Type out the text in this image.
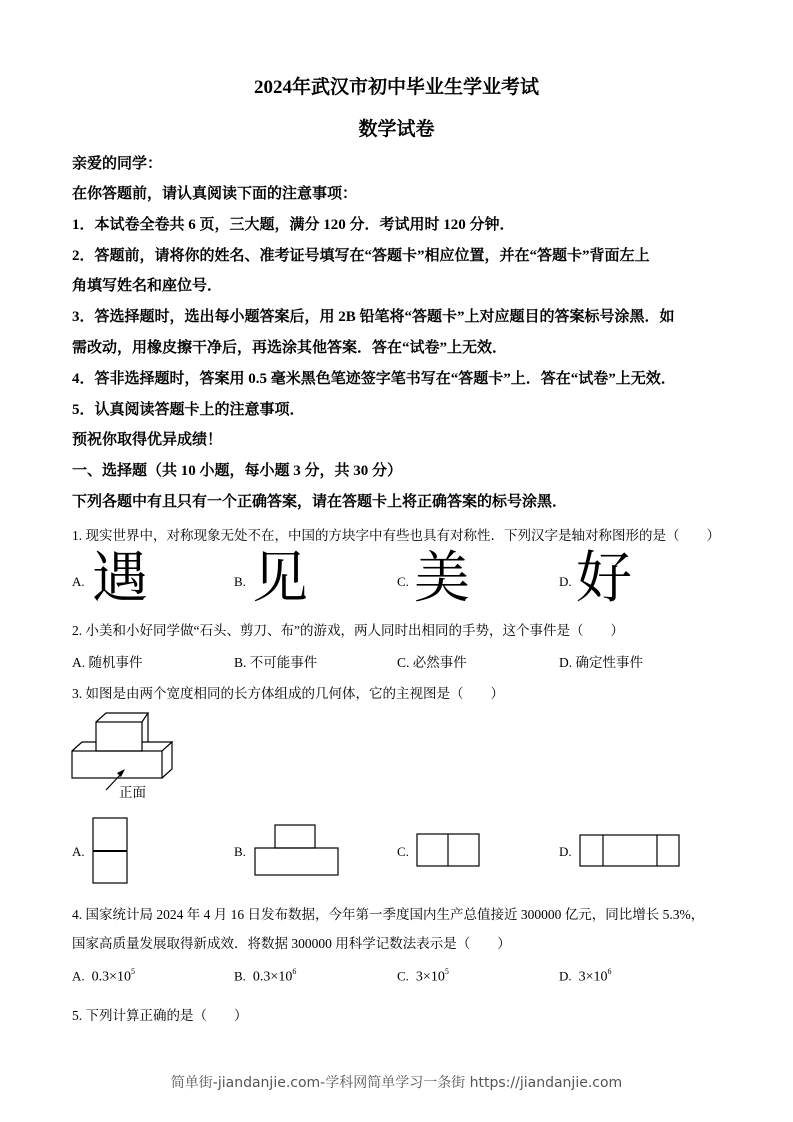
2024年武汉市初中毕业生学业考试
数学试卷
亲爱的同学：
在你答题前，请认真阅读下面的注意事项：
1．本试卷全卷共 6 页，三大题，满分 120 分．考试用时 120 分钟．
2．答题前，请将你的姓名、准考证号填写在“答题卡”相应位置，并在“答题卡”背面左上
角填写姓名和座位号．
3．答选择题时，选出每小题答案后，用 2B 铅笔将“答题卡”上对应题目的答案标号涂黑．如
需改动，用橡皮擦干净后，再选涂其他答案．答在“试卷”上无效．
4．答非选择题时，答案用 0.5 毫米黑色笔迹签字笔书写在“答题卡”上．答在“试卷”上无效．
5．认真阅读答题卡上的注意事项．
预祝你取得优异成绩！
一、选择题（共 10 小题，每小题 3 分，共 30 分）
下列各题中有且只有一个正确答案，请在答题卡上将正确答案的标号涂黑．
1. 现实世界中，对称现象无处不在，中国的方块字中有些也具有对称性．下列汉字是轴对称图形的是（　　）
A. 遇	B. 见	C. 美	D. 好
2. 小美和小好同学做“石头、剪刀、布”的游戏，两人同时出相同的手势，这个事件是（　　）
A. 随机事件	B. 不可能事件	C. 必然事件	D. 确定性事件
3. 如图是由两个宽度相同的长方体组成的几何体，它的主视图是（　　）
正面
A.	B.	C.	D.
4. 国家统计局 2024 年 4 月 16 日发布数据，今年第一季度国内生产总值接近 300000 亿元，同比增长 5.3%，
国家高质量发展取得新成效．将数据 300000 用科学记数法表示是（　　）
A. $0.3\times 10^5$	B. $0.3\times 10^6$	C. $3\times 10^5$	D. $3\times 10^6$
5. 下列计算正确的是（　　）
简单街-jiandanjie.com-学科网简单学习一条街 https://jiandanjie.com
